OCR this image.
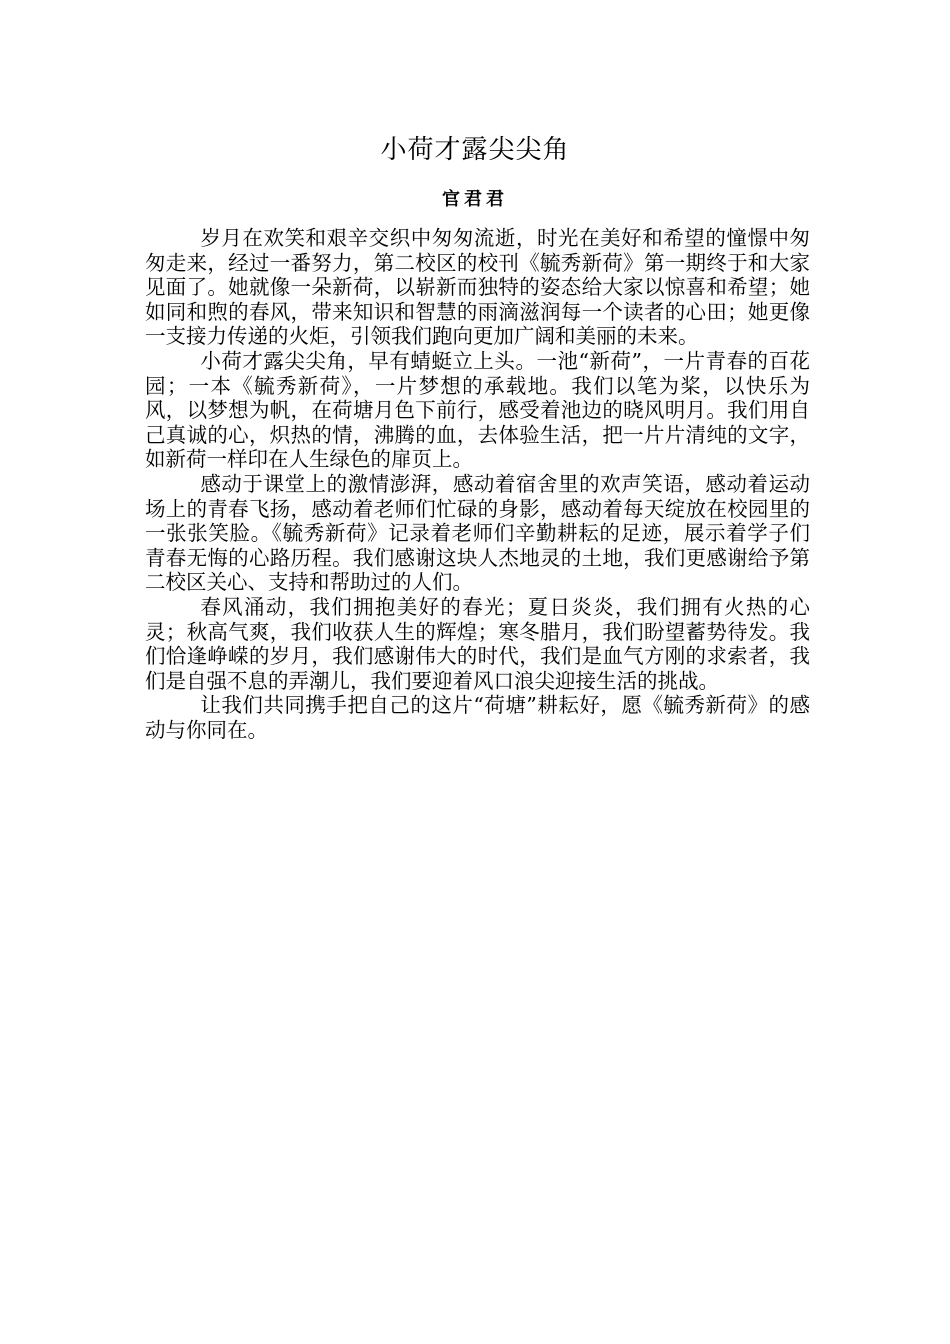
小荷才露尖尖角
官君君

岁月在欢笑和艰辛交织中匆匆流逝，时光在美好和希望的憧憬中匆匆走来，经过一番努力，第二校区的校刊《毓秀新荷》第一期终于和大家见面了。她就像一朵新荷，以崭新而独特的姿态给大家以惊喜和希望；她如同和煦的春风，带来知识和智慧的雨滴滋润每一个读者的心田；她更像一支接力传递的火炬，引领我们跑向更加广阔和美丽的未来。

小荷才露尖尖角，早有蜻蜓立上头。一池“新荷”，一片青春的百花园；一本《毓秀新荷》，一片梦想的承载地。我们以笔为桨，以快乐为风，以梦想为帆，在荷塘月色下前行，感受着池边的晓风明月。我们用自己真诚的心，炽热的情，沸腾的血，去体验生活，把一片片清纯的文字，如新荷一样印在人生绿色的扉页上。

感动于课堂上的激情澎湃，感动着宿舍里的欢声笑语，感动着运动场上的青春飞扬，感动着老师们忙碌的身影，感动着每天绽放在校园里的一张张笑脸。《毓秀新荷》记录着老师们辛勤耕耘的足迹，展示着学子们青春无悔的心路历程。我们感谢这块人杰地灵的土地，我们更感谢给予第二校区关心、支持和帮助过的人们。

春风涌动，我们拥抱美好的春光；夏日炎炎，我们拥有火热的心灵；秋高气爽，我们收获人生的辉煌；寒冬腊月，我们盼望蓄势待发。我们恰逢峥嵘的岁月，我们感谢伟大的时代，我们是血气方刚的求索者，我们是自强不息的弄潮儿，我们要迎着风口浪尖迎接生活的挑战。

让我们共同携手把自己的这片“荷塘”耕耘好，愿《毓秀新荷》的感动与你同在。
